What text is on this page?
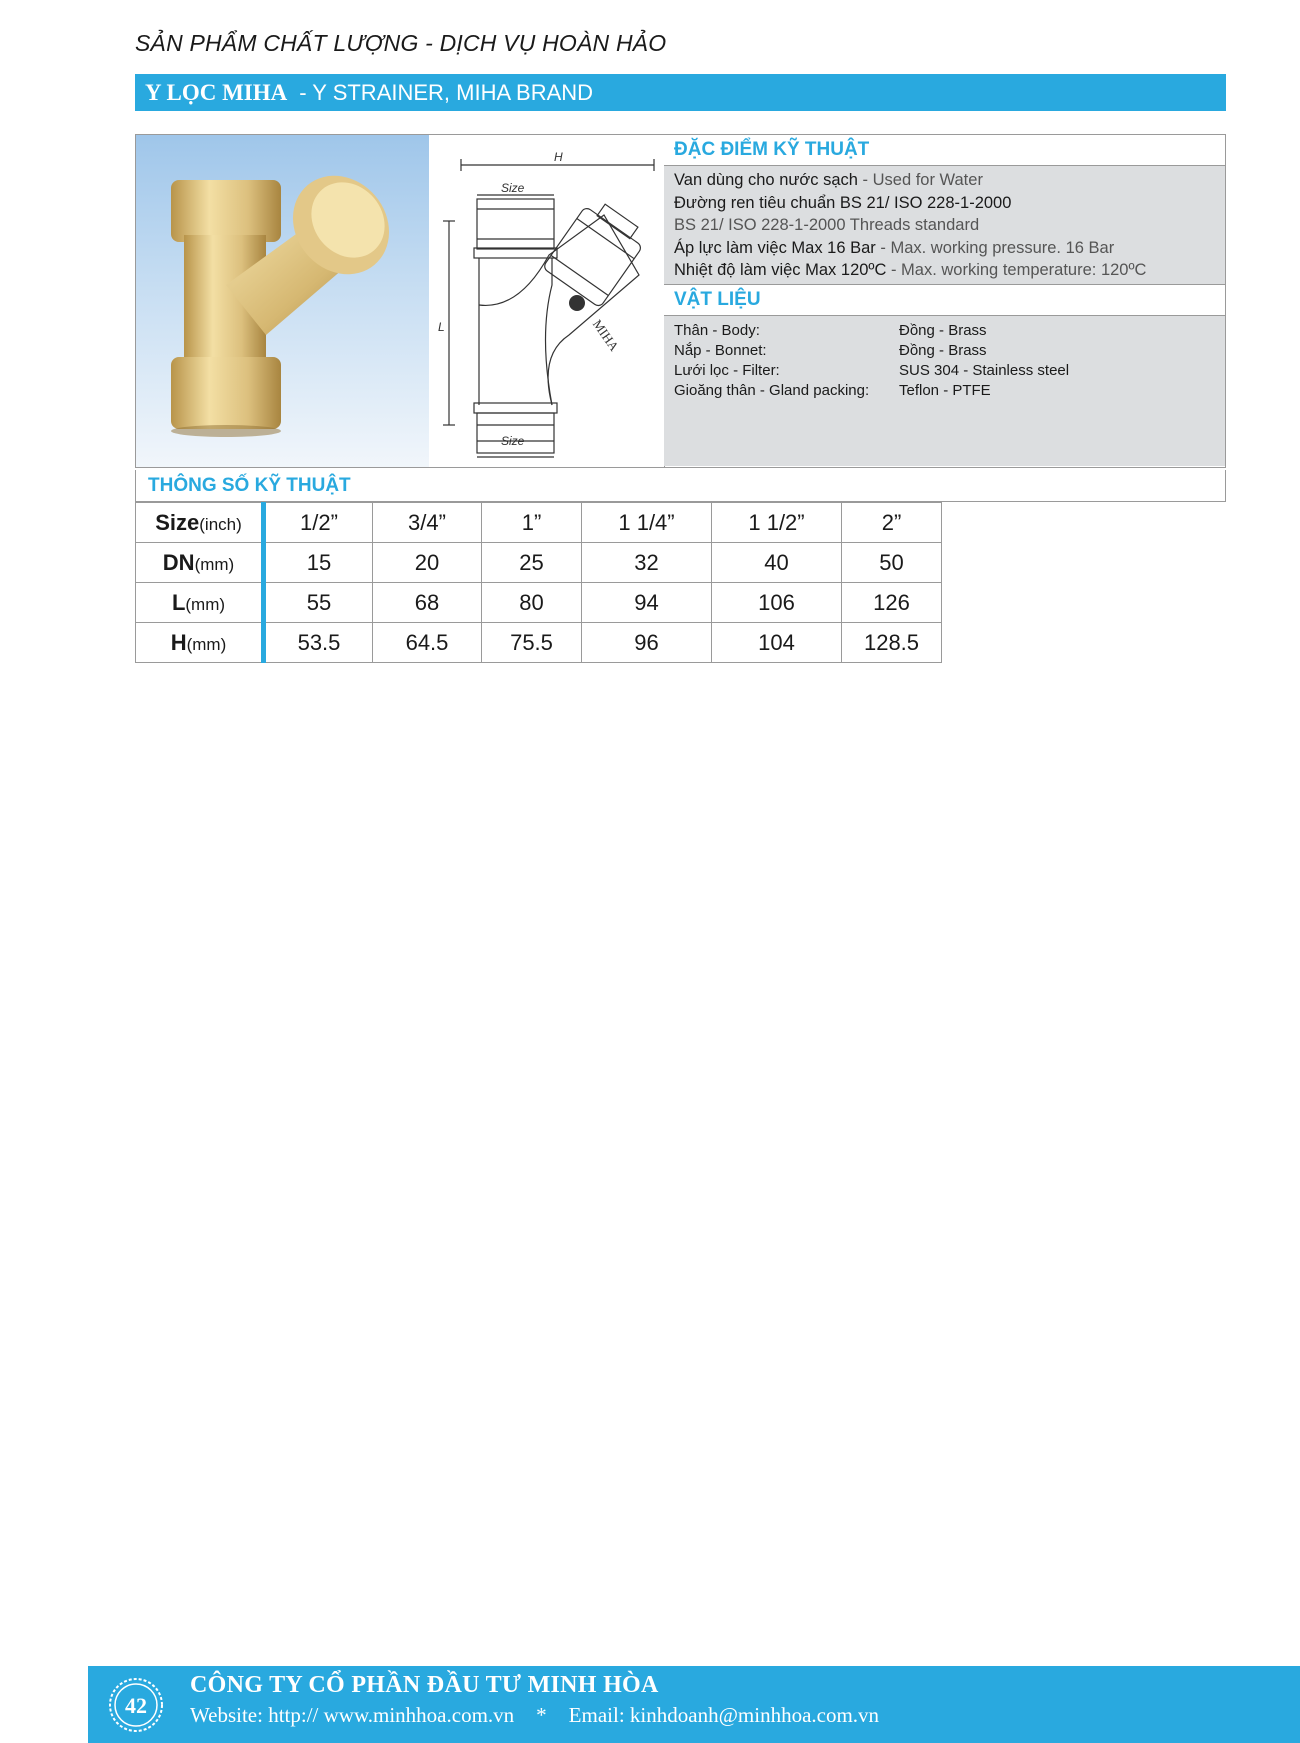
SẢN PHẨM CHẤT LƯỢNG - DỊCH VỤ HOÀN HẢO
Y LỌC MIHA - Y STRAINER, MIHA BRAND
H
Size
MIHA
L
Size
ĐẶC ĐIỂM KỸ THUẬT
Van dùng cho nước sạch - Used for Water
Đường ren tiêu chuẩn BS 21/ ISO 228-1-2000
BS 21/ ISO 228-1-2000 Threads standard
Áp lực làm việc Max 16 Bar - Max. working pressure. 16 Bar
Nhiệt độ làm việc Max 120ºC - Max. working temperature: 120ºC
VẬT LIỆU
Thân - Body:	Đồng - Brass
Nắp - Bonnet:	Đồng - Brass
Lưới lọc - Filter:	SUS 304 - Stainless steel
Gioăng thân - Gland packing:	Teflon - PTFE
THÔNG SỐ KỸ THUẬT
Size(inch)	1/2”	3/4”	1”	1 1/4”	1 1/2”	2”
DN(mm)	15	20	25	32	40	50
L(mm)	55	68	80	94	106	126
H(mm)	53.5	64.5	75.5	96	104	128.5
42
CÔNG TY CỔ PHẦN ĐẦU TƯ MINH HÒA
Website: http:// www.minhhoa.com.vn * Email: kinhdoanh@minhhoa.com.vn
